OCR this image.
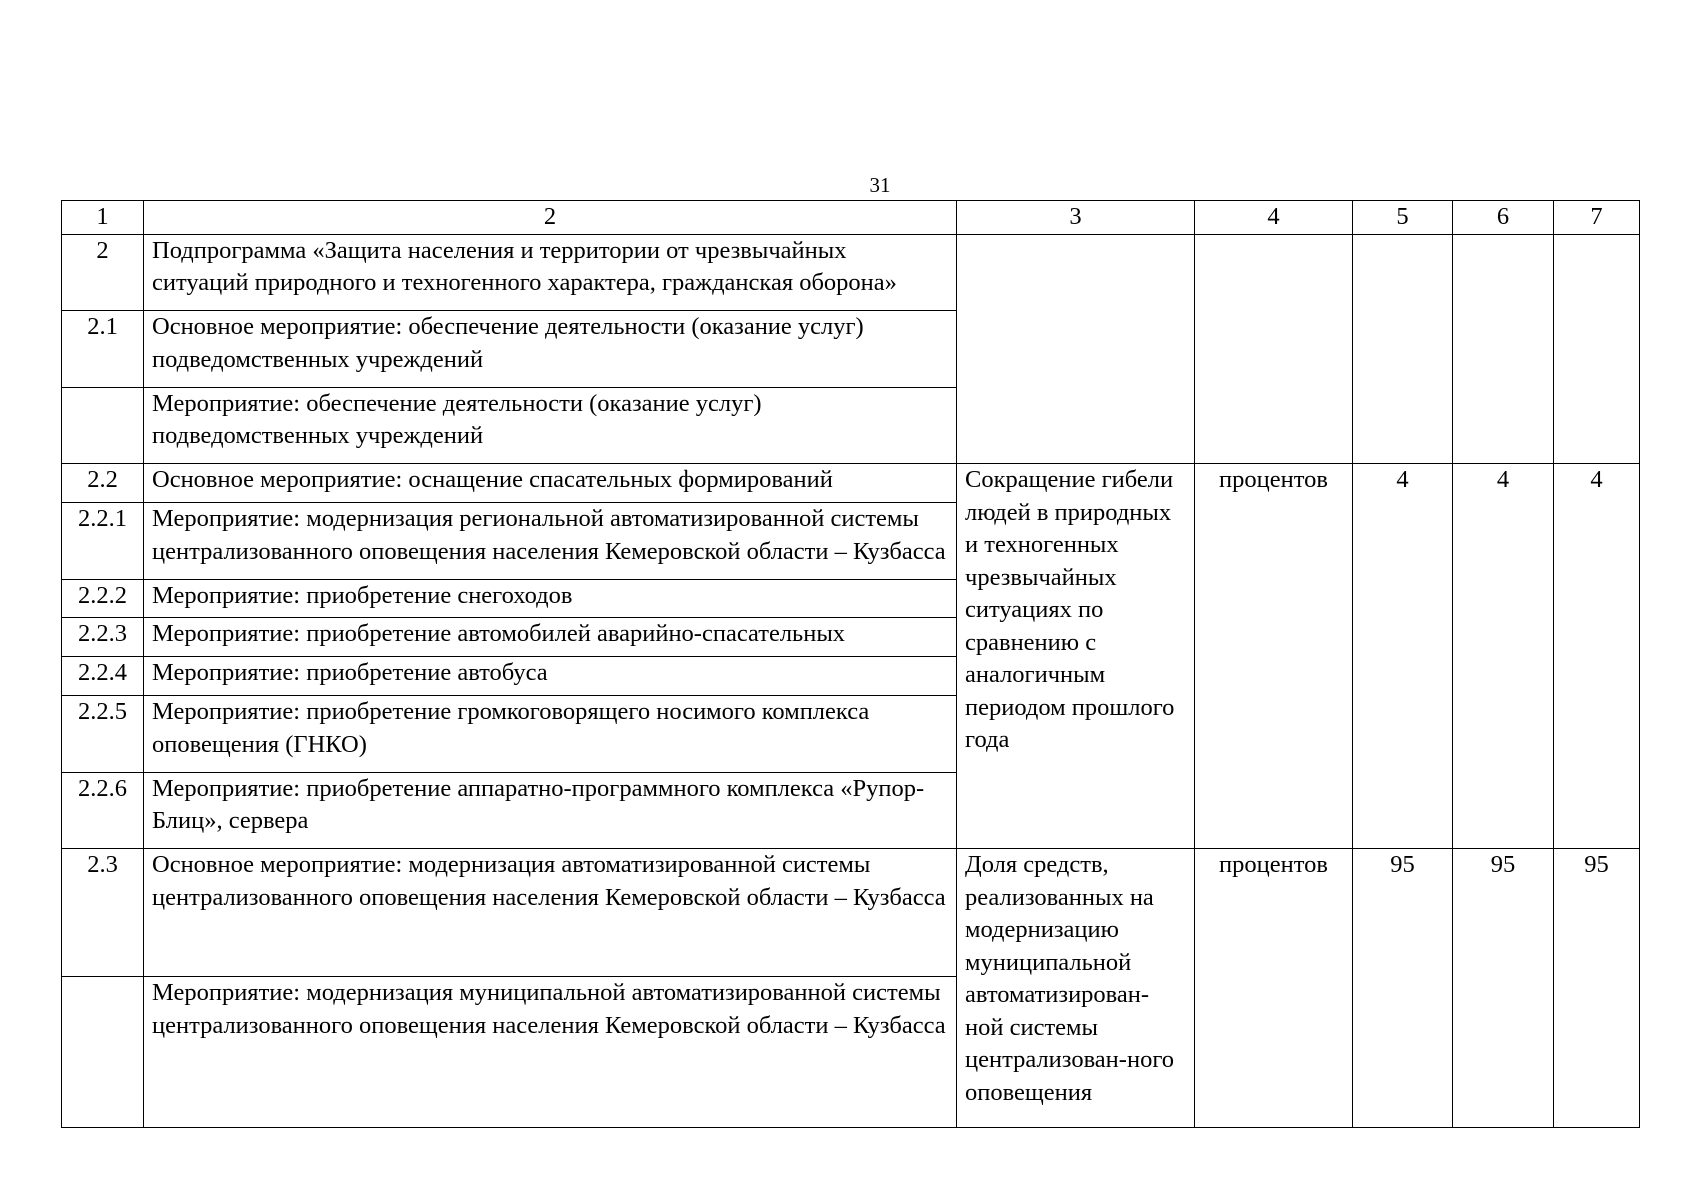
31
1	2	3	4	5	6	7
2	Подпрограмма «Защита населения и территории от чрезвычайных ситуаций природного и техногенного характера, гражданская оборона»					
2.1	Основное мероприятие: обеспечение деятельности (оказание услуг) подведомственных учреждений					
	Мероприятие: обеспечение деятельности (оказание услуг) подведомственных учреждений					
2.2	Основное мероприятие: оснащение спасательных формирований	Сокращение гибели людей в природных и техногенных чрезвычайных ситуациях по сравнению с аналогичным периодом прошлого года	процентов	4	4	4
2.2.1	Мероприятие: модернизация региональной автоматизированной системы централизованного оповещения населения Кемеровской области – Кузбасса					
2.2.2	Мероприятие: приобретение снегоходов					
2.2.3	Мероприятие: приобретение автомобилей аварийно-спасательных					
2.2.4	Мероприятие: приобретение автобуса					
2.2.5	Мероприятие: приобретение громкоговорящего носимого комплекса оповещения (ГНКО)					
2.2.6	Мероприятие: приобретение аппаратно-программного комплекса «Рупор-Блиц», сервера					
2.3	Основное мероприятие: модернизация автоматизированной системы централизованного оповещения населения Кемеровской области – Кузбасса	Доля средств, реализованных на модернизацию муниципальной автоматизирован-ной системы централизован-ного оповещения	процентов	95	95	95
	Мероприятие: модернизация муниципальной автоматизированной системы централизованного оповещения населения Кемеровской области – Кузбасса					
